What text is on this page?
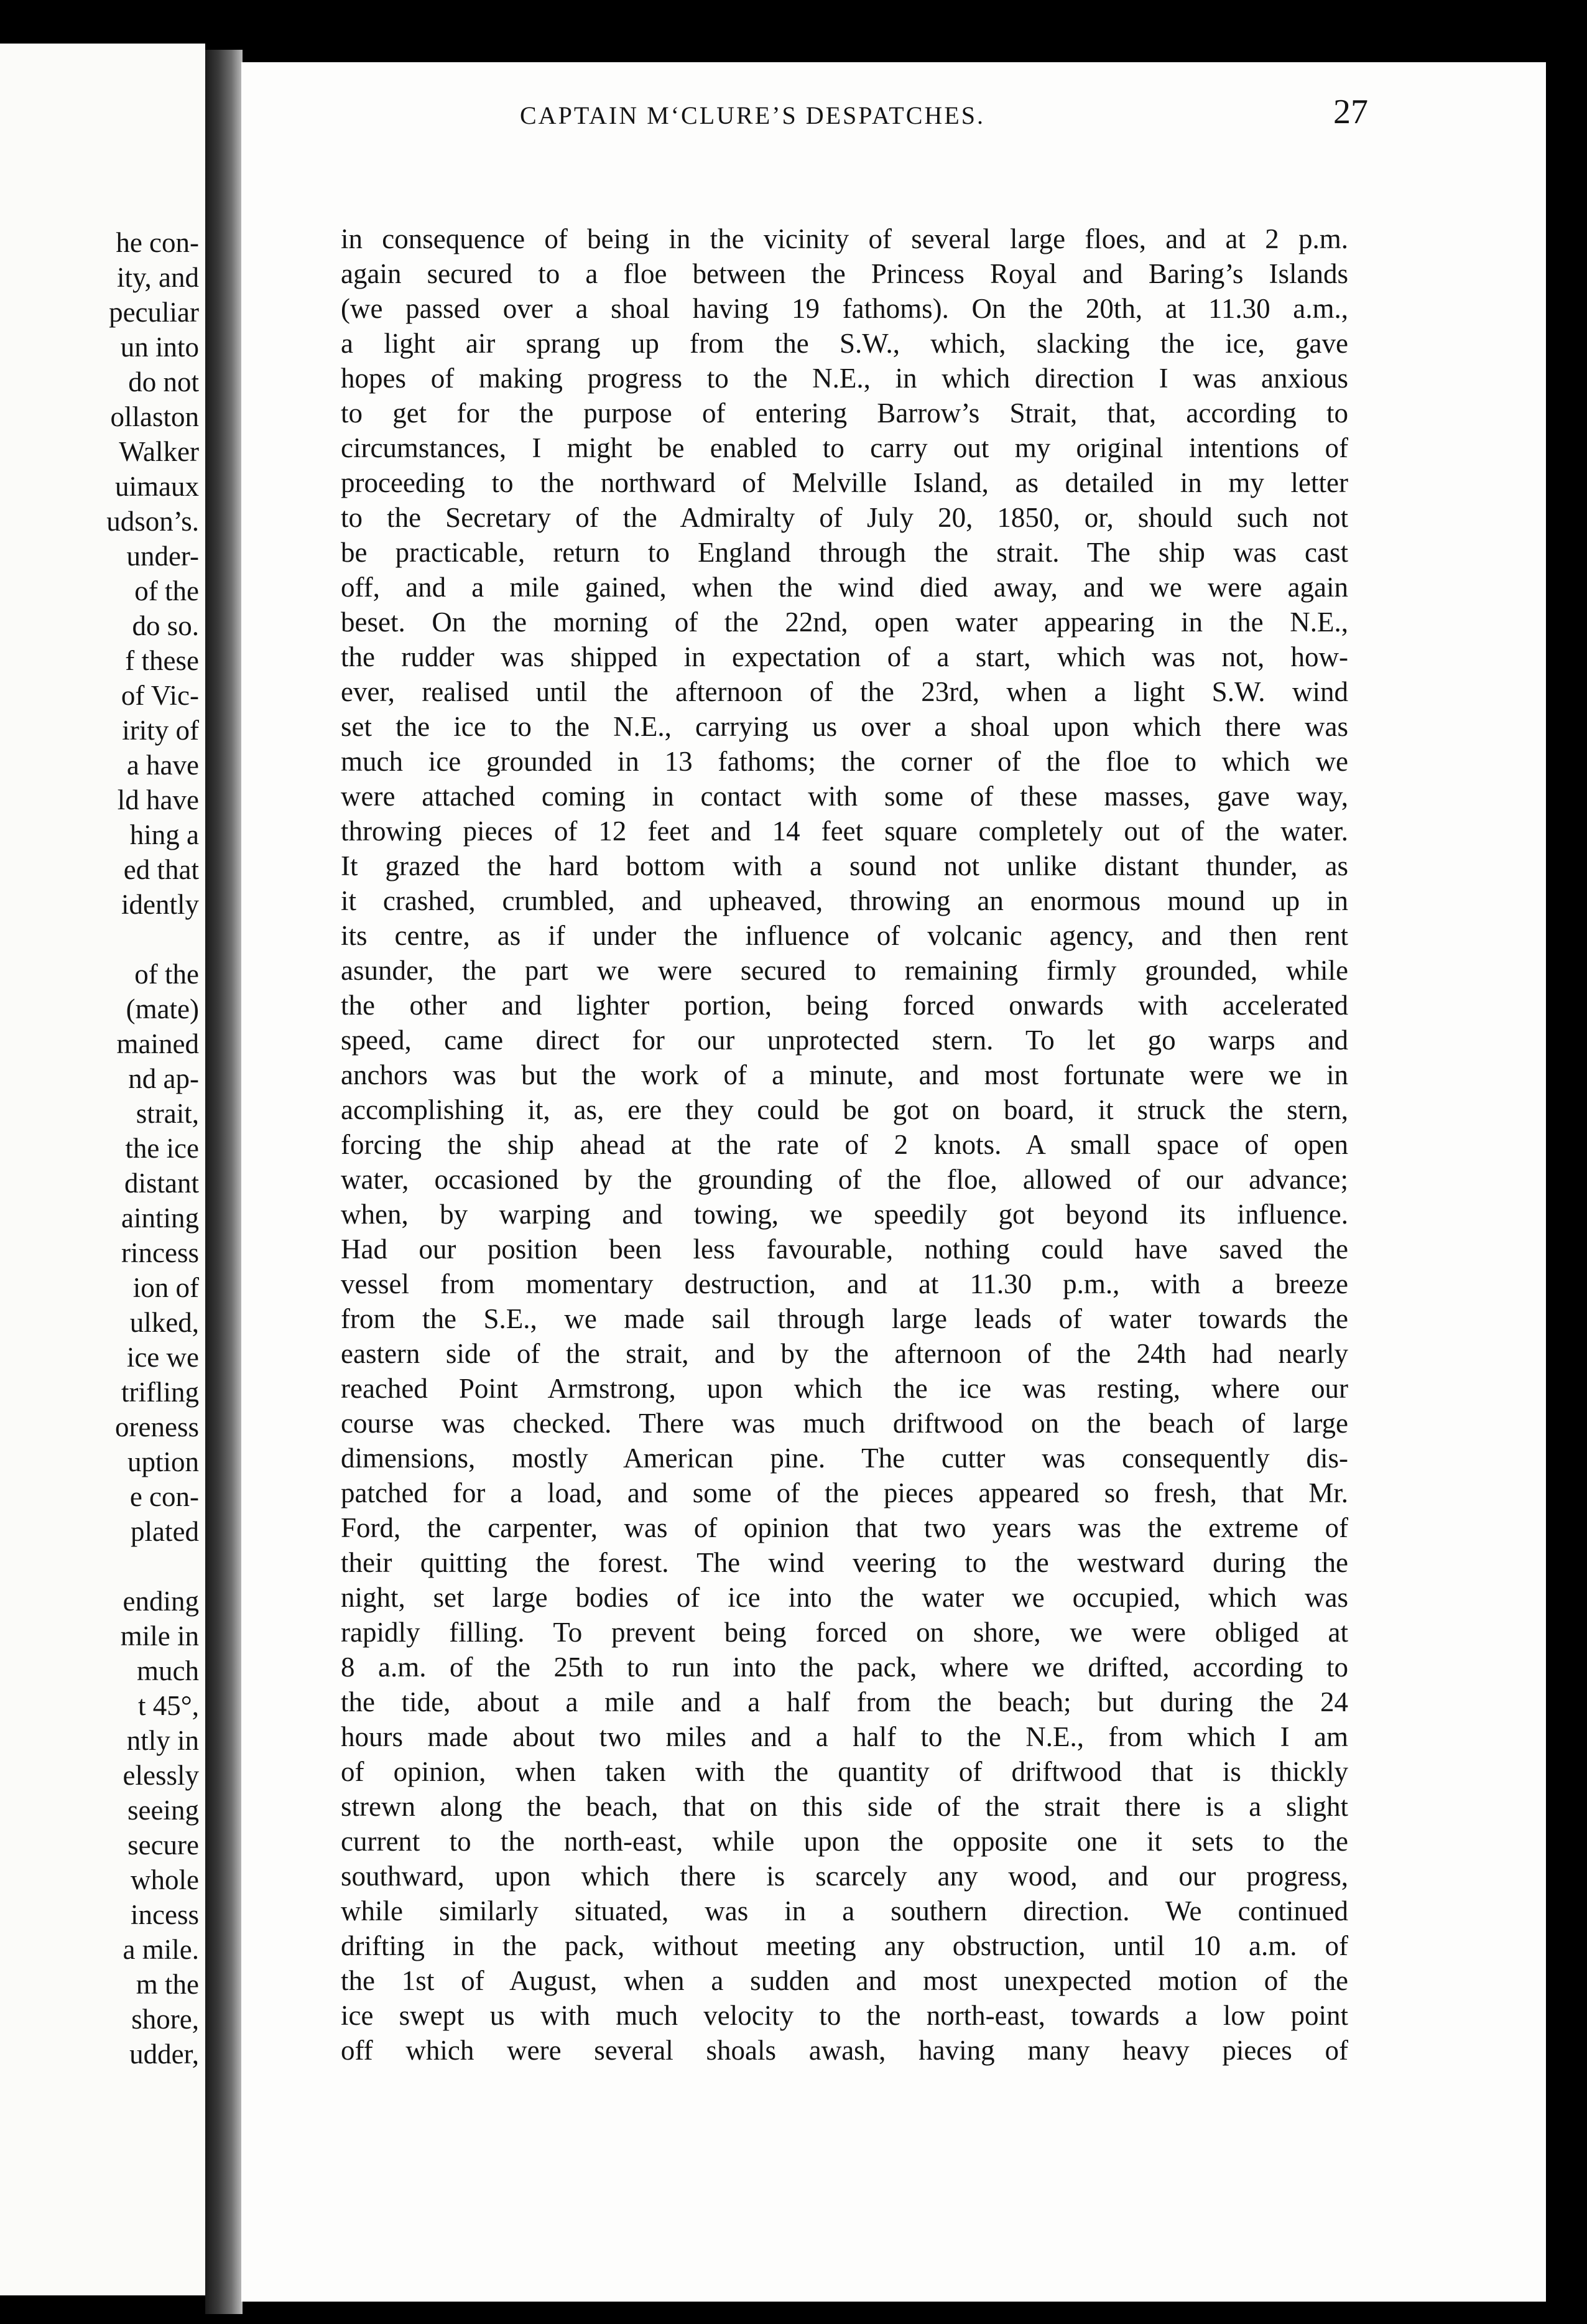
he con-
ity, and
peculiar
un into
do not
ollaston
Walker
uimaux
udson’s.
under-
of the
do so.
f these
of Vic-
irity of
a have
ld have
hing a
ed that
idently
of the
(mate)
mained
nd ap-
strait,
the ice
distant
ainting
rincess
ion of
ulked,
ice we
trifling
oreness
uption
e con-
plated
ending
mile in
much
t 45°,
ntly in
elessly
seeing
secure
whole
incess
a mile.
m the
shore,
udder,
CAPTAIN M‘CLURE’S DESPATCHES.	27
in consequence of being in the vicinity of several large floes, and at 2 p.m.
again secured to a floe between the Princess Royal and Baring’s Islands
(we passed over a shoal having 19 fathoms). On the 20th, at 11.30 a.m.,
a light air sprang up from the S.W., which, slacking the ice, gave
hopes of making progress to the N.E., in which direction I was anxious
to get for the purpose of entering Barrow’s Strait, that, according to
circumstances, I might be enabled to carry out my original intentions of
proceeding to the northward of Melville Island, as detailed in my letter
to the Secretary of the Admiralty of July 20, 1850, or, should such not
be practicable, return to England through the strait. The ship was cast
off, and a mile gained, when the wind died away, and we were again
beset. On the morning of the 22nd, open water appearing in the N.E.,
the rudder was shipped in expectation of a start, which was not, how-
ever, realised until the afternoon of the 23rd, when a light S.W. wind
set the ice to the N.E., carrying us over a shoal upon which there was
much ice grounded in 13 fathoms; the corner of the floe to which we
were attached coming in contact with some of these masses, gave way,
throwing pieces of 12 feet and 14 feet square completely out of the water.
It grazed the hard bottom with a sound not unlike distant thunder, as
it crashed, crumbled, and upheaved, throwing an enormous mound up in
its centre, as if under the influence of volcanic agency, and then rent
asunder, the part we were secured to remaining firmly grounded, while
the other and lighter portion, being forced onwards with accelerated
speed, came direct for our unprotected stern. To let go warps and
anchors was but the work of a minute, and most fortunate were we in
accomplishing it, as, ere they could be got on board, it struck the stern,
forcing the ship ahead at the rate of 2 knots. A small space of open
water, occasioned by the grounding of the floe, allowed of our advance;
when, by warping and towing, we speedily got beyond its influence.
Had our position been less favourable, nothing could have saved the
vessel from momentary destruction, and at 11.30 p.m., with a breeze
from the S.E., we made sail through large leads of water towards the
eastern side of the strait, and by the afternoon of the 24th had nearly
reached Point Armstrong, upon which the ice was resting, where our
course was checked. There was much driftwood on the beach of large
dimensions, mostly American pine. The cutter was consequently dis-
patched for a load, and some of the pieces appeared so fresh, that Mr.
Ford, the carpenter, was of opinion that two years was the extreme of
their quitting the forest. The wind veering to the westward during the
night, set large bodies of ice into the water we occupied, which was
rapidly filling. To prevent being forced on shore, we were obliged at
8 a.m. of the 25th to run into the pack, where we drifted, according to
the tide, about a mile and a half from the beach; but during the 24
hours made about two miles and a half to the N.E., from which I am
of opinion, when taken with the quantity of driftwood that is thickly
strewn along the beach, that on this side of the strait there is a slight
current to the north-east, while upon the opposite one it sets to the
southward, upon which there is scarcely any wood, and our progress,
while similarly situated, was in a southern direction. We continued
drifting in the pack, without meeting any obstruction, until 10 a.m. of
the 1st of August, when a sudden and most unexpected motion of the
ice swept us with much velocity to the north-east, towards a low point
off which were several shoals awash, having many heavy pieces of
